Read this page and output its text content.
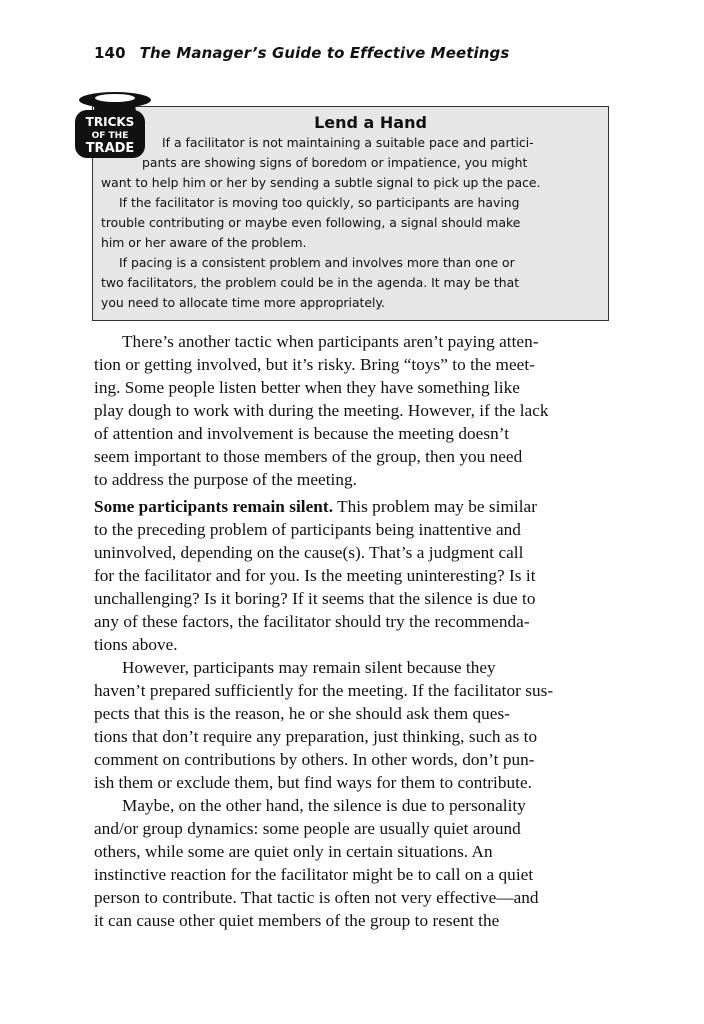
140 The Manager’s Guide to Effective Meetings
Lend a Hand
If a facilitator is not maintaining a suitable pace and partici-
pants are showing signs of boredom or impatience, you might
want to help him or her by sending a subtle signal to pick up the pace.
If the facilitator is moving too quickly, so participants are having
trouble contributing or maybe even following, a signal should make
him or her aware of the problem.
If pacing is a consistent problem and involves more than one or
two facilitators, the problem could be in the agenda. It may be that
you need to allocate time more appropriately.
TRICKS
OF THE
TRADE
There’s another tactic when participants aren’t paying atten-
tion or getting involved, but it’s risky. Bring “toys” to the meet-
ing. Some people listen better when they have something like
play dough to work with during the meeting. However, if the lack
of attention and involvement is because the meeting doesn’t
seem important to those members of the group, then you need
to address the purpose of the meeting.
Some participants remain silent. This problem may be similar
to the preceding problem of participants being inattentive and
uninvolved, depending on the cause(s). That’s a judgment call
for the facilitator and for you. Is the meeting uninteresting? Is it
unchallenging? Is it boring? If it seems that the silence is due to
any of these factors, the facilitator should try the recommenda-
tions above.
However, participants may remain silent because they
haven’t prepared sufficiently for the meeting. If the facilitator sus-
pects that this is the reason, he or she should ask them ques-
tions that don’t require any preparation, just thinking, such as to
comment on contributions by others. In other words, don’t pun-
ish them or exclude them, but find ways for them to contribute.
Maybe, on the other hand, the silence is due to personality
and/or group dynamics: some people are usually quiet around
others, while some are quiet only in certain situations. An
instinctive reaction for the facilitator might be to call on a quiet
person to contribute. That tactic is often not very effective—and
it can cause other quiet members of the group to resent the
